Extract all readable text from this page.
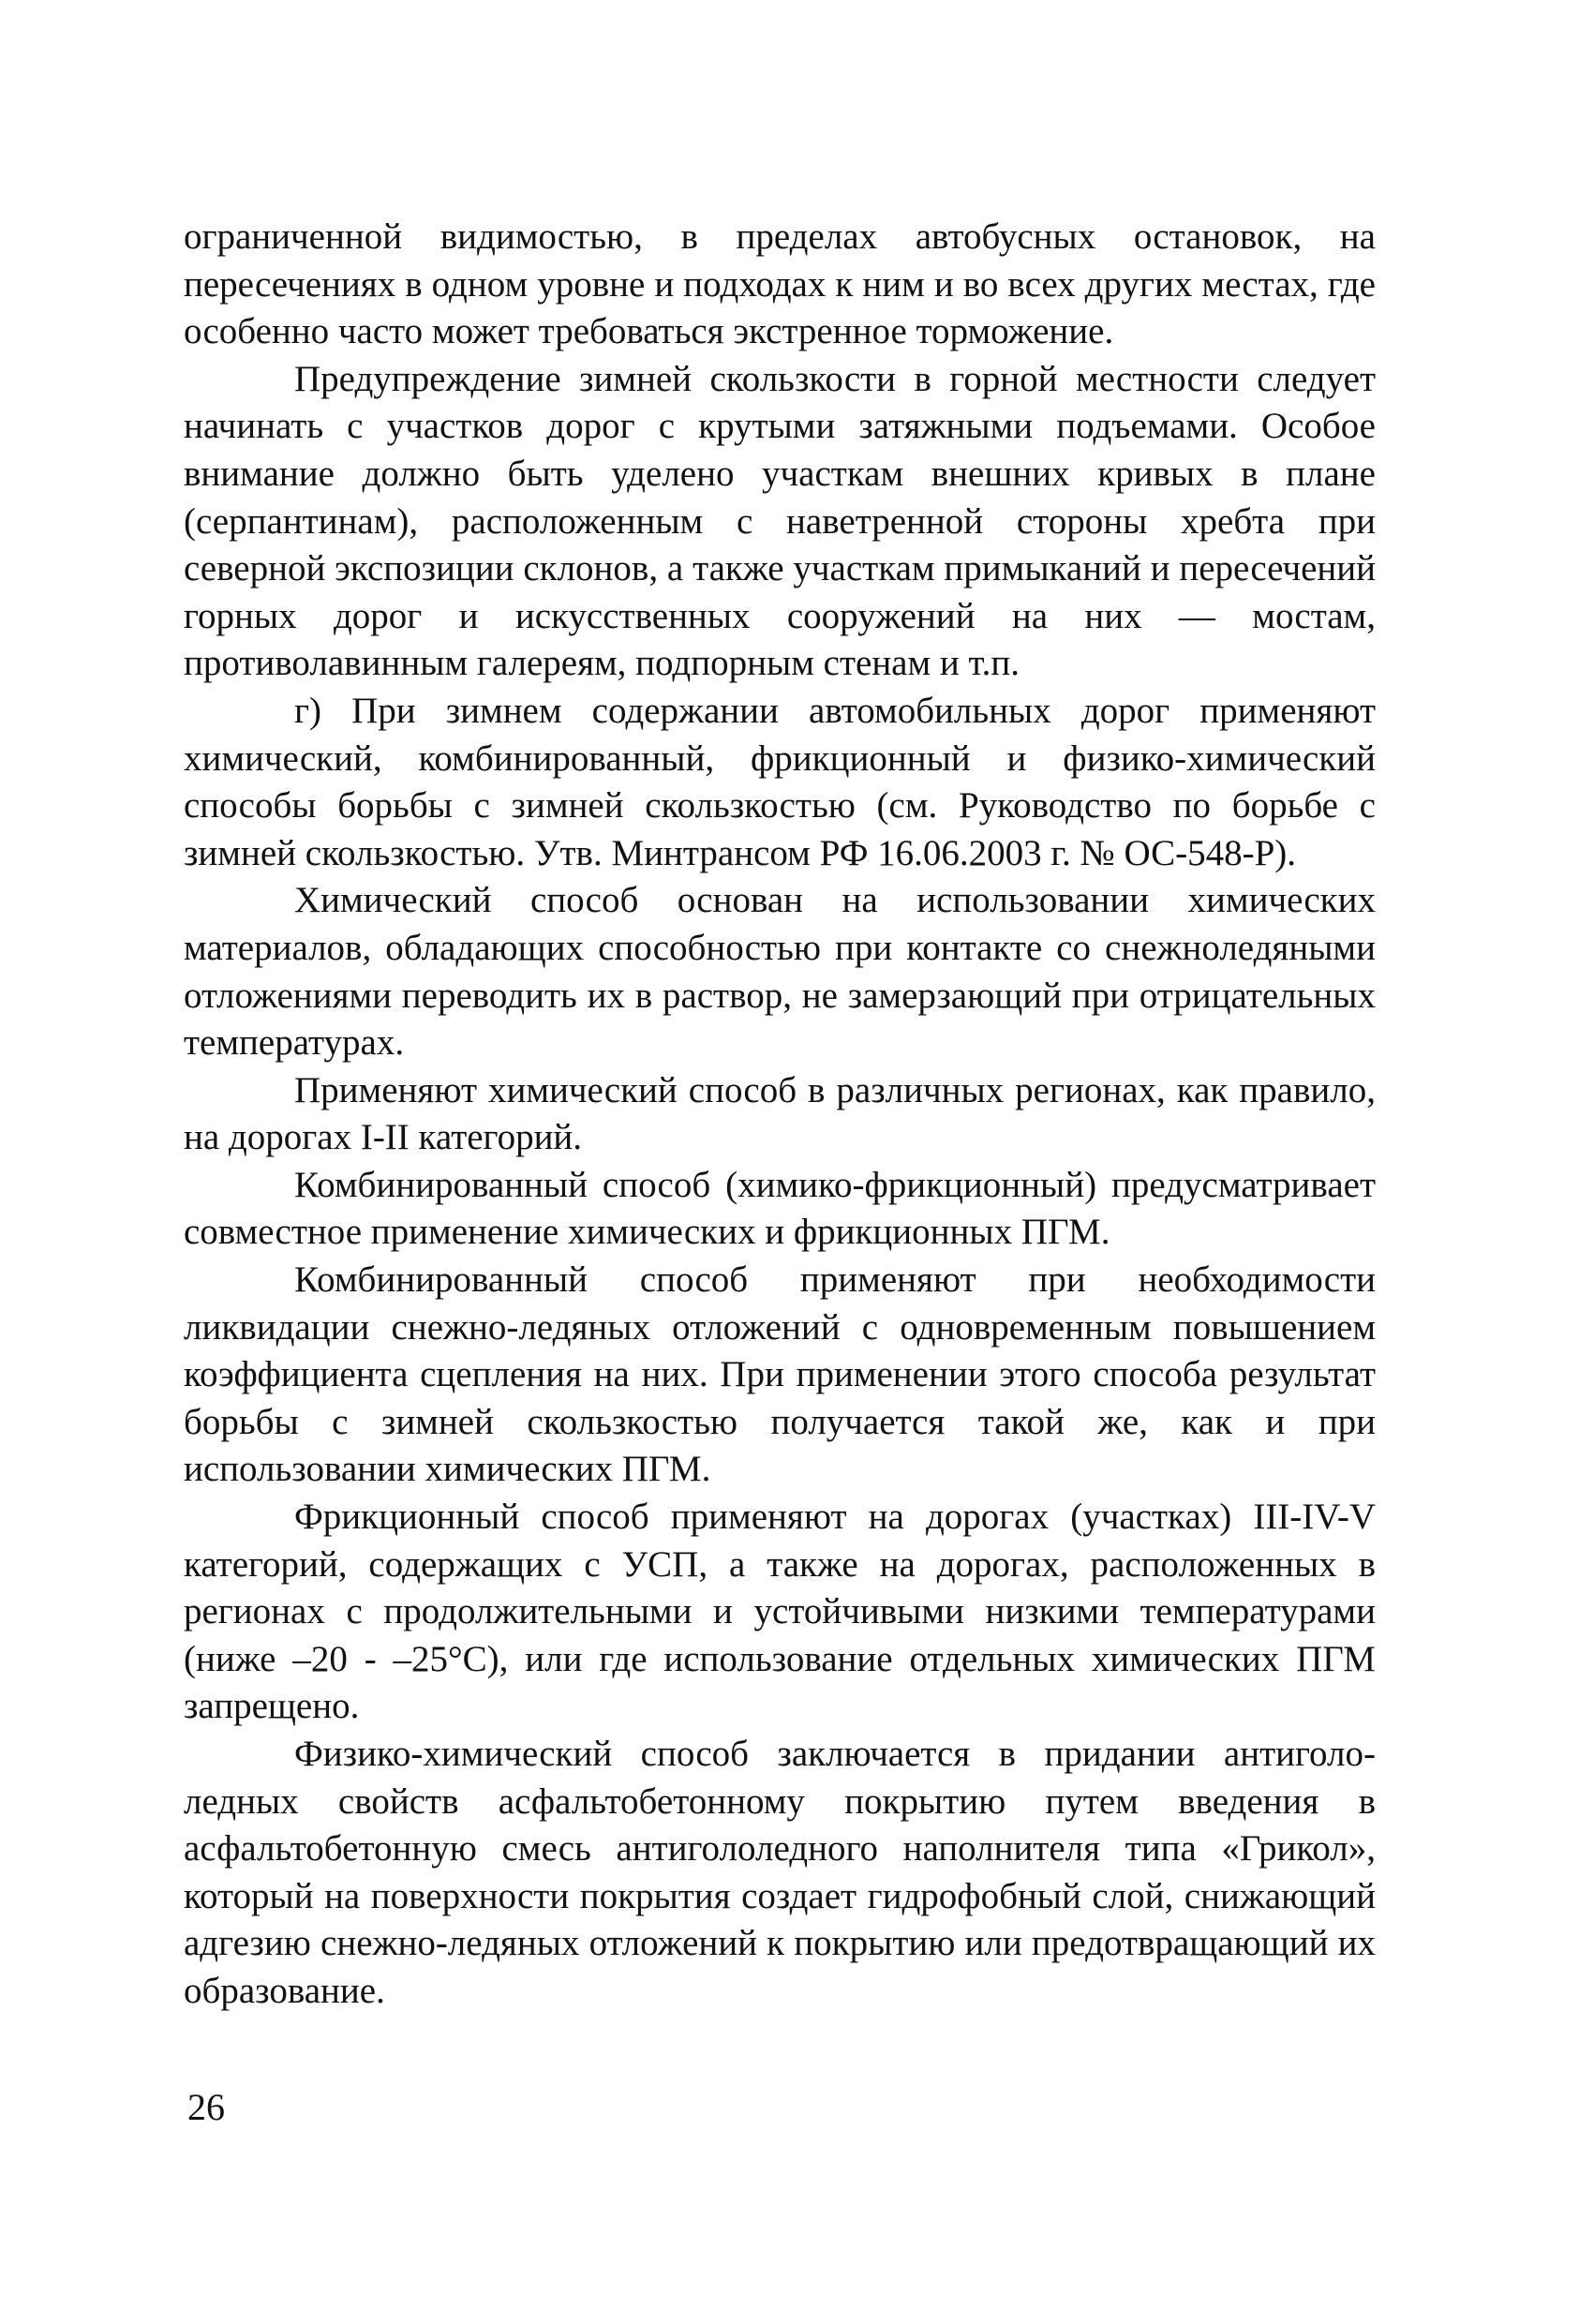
ограниченной видимостью, в пределах автобусных остановок, на пересечениях в одном уровне и подходах к ним и во всех других местах, где особенно часто может требоваться экстренное торможение.

Предупреждение зимней скользкости в горной местности следует начинать с участков дорог с крутыми затяжными подъемами. Особое внимание должно быть уделено участкам внешних кривых в плане (серпантинам), расположенным с наветренной стороны хребта при северной экспозиции склонов, а также участкам примыканий и пересечений горных дорог и искусственных сооружений на них — мостам, противолавинным галереям, подпорным стенам и т.п.

г) При зимнем содержании автомобильных дорог применяют химический, комбинированный, фрикционный и физико-химический способы борьбы с зимней скользкостью (см. Руководство по борьбе с зимней скользкостью. Утв. Минтрансом РФ 16.06.2003 г. № ОС-548-Р).

Химический способ основан на использовании химических материалов, обладающих способностью при контакте со снежноледяными отложениями переводить их в раствор, не замерзающий при отрицательных температурах.

Применяют химический способ в различных регионах, как правило, на дорогах I-II категорий.

Комбинированный способ (химико-фрикционный) предусматривает совместное применение химических и фрикционных ПГМ.

Комбинированный способ применяют при необходимости ликвидации снежно-ледяных отложений с одновременным повышением коэффициента сцепления на них. При применении этого способа результат борьбы с зимней скользкостью получается такой же, как и при использовании химических ПГМ.

Фрикционный способ применяют на дорогах (участках) III-IV-V категорий, содержащих с УСП, а также на дорогах, расположенных в регионах с продолжительными и устойчивыми низкими температурами (ниже –20 - –25°С), или где использование отдельных химических ПГМ запрещено.

Физико-химический способ заключается в придании антигололедных свойств асфальтобетонному покрытию путем введения в асфальтобетонную смесь антигололедного наполнителя типа «Грикол», который на поверхности покрытия создает гидрофобный слой, снижающий адгезию снежно-ледяных отложений к покрытию или предотвращающий их образование.

26
